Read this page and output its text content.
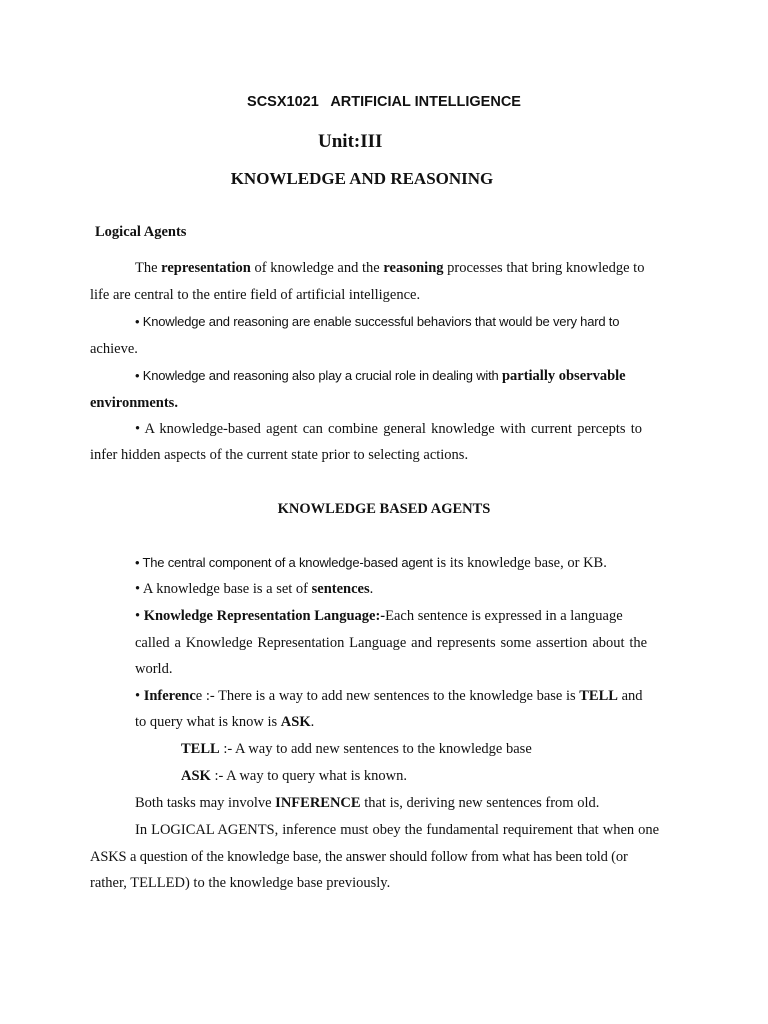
SCSX1021   ARTIFICIAL INTELLIGENCE
Unit:III
KNOWLEDGE AND REASONING
Logical Agents
The representation of knowledge and the reasoning processes that bring knowledge to
life are central to the entire field of artificial intelligence.
• Knowledge and reasoning are enable successful behaviors that would be very hard to
achieve.
• Knowledge and reasoning also play a crucial role in dealing with partially observable
environments.
• A knowledge-based agent can combine general knowledge with current percepts to
infer hidden aspects of the current state prior to selecting actions.
KNOWLEDGE BASED AGENTS
• The central component of a knowledge-based agent is its knowledge base, or KB.
• A knowledge base is a set of sentences.
• Knowledge Representation Language:-Each sentence is expressed in a language
called a Knowledge Representation Language and represents some assertion about the
world.
• Inference :- There is a way to add new sentences to the knowledge base is TELL and
to query what is know is ASK.
TELL :- A way to add new sentences to the knowledge base
ASK :- A way to query what is known.
Both tasks may involve INFERENCE that is, deriving new sentences from old.
In LOGICAL AGENTS, inference must obey the fundamental requirement that when one
ASKS a question of the knowledge base, the answer should follow from what has been told (or
rather, TELLED) to the knowledge base previously.
